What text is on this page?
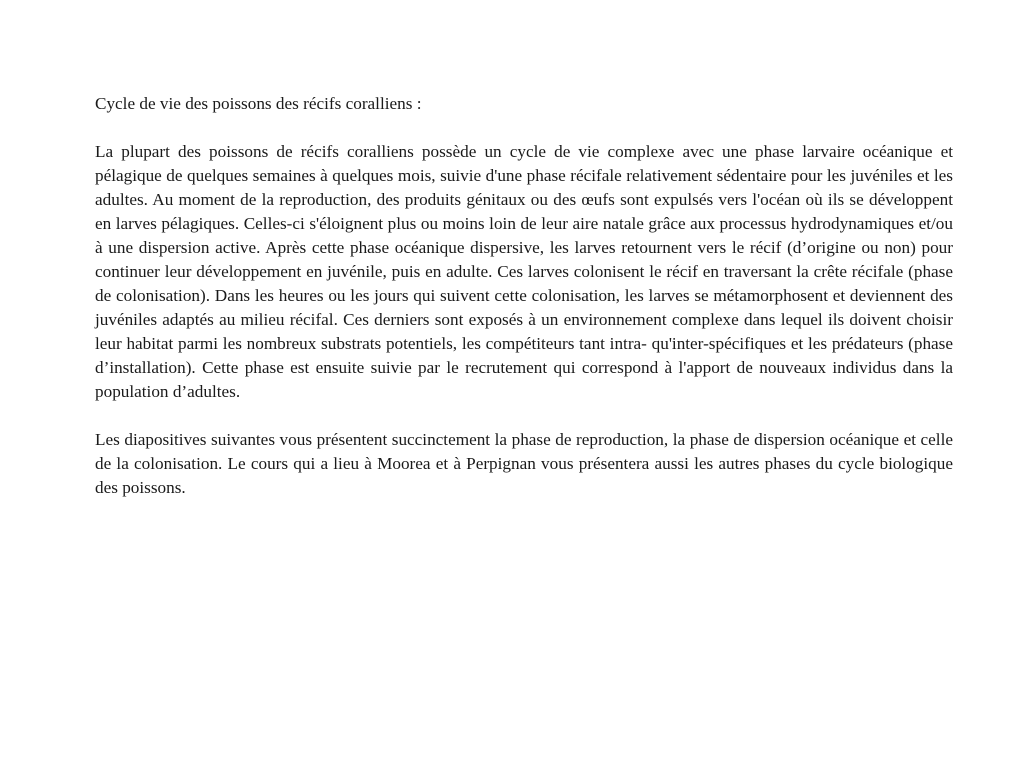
Cycle de vie des poissons des récifs coralliens :

La plupart des poissons de récifs coralliens possède un cycle de vie complexe avec une phase larvaire océanique et pélagique de quelques semaines à quelques mois, suivie d'une phase récifale relativement sédentaire pour les juvéniles et les adultes. Au moment de la reproduction, des produits génitaux ou des œufs sont expulsés vers l'océan où ils se développent en larves pélagiques. Celles-ci s'éloignent plus ou moins loin de leur aire natale grâce aux processus hydrodynamiques et/ou à une dispersion active. Après cette phase océanique dispersive, les larves retournent vers le récif (d’origine ou non) pour continuer leur développement en juvénile, puis en adulte. Ces larves colonisent le récif en traversant la crête récifale (phase de colonisation). Dans les heures ou les jours qui suivent cette colonisation, les larves se métamorphosent et deviennent des juvéniles adaptés au milieu récifal. Ces derniers sont exposés à un environnement complexe dans lequel ils doivent choisir leur habitat parmi les nombreux substrats potentiels, les compétiteurs tant intra- qu'inter-spécifiques et les prédateurs (phase d’installation). Cette phase est ensuite suivie par le recrutement qui correspond à l'apport de nouveaux individus dans la population d’adultes.

Les diapositives suivantes vous présentent succinctement la phase de reproduction, la phase de dispersion océanique et celle de la colonisation. Le cours qui a lieu à Moorea et à Perpignan vous présentera aussi les autres phases du cycle biologique des poissons.
